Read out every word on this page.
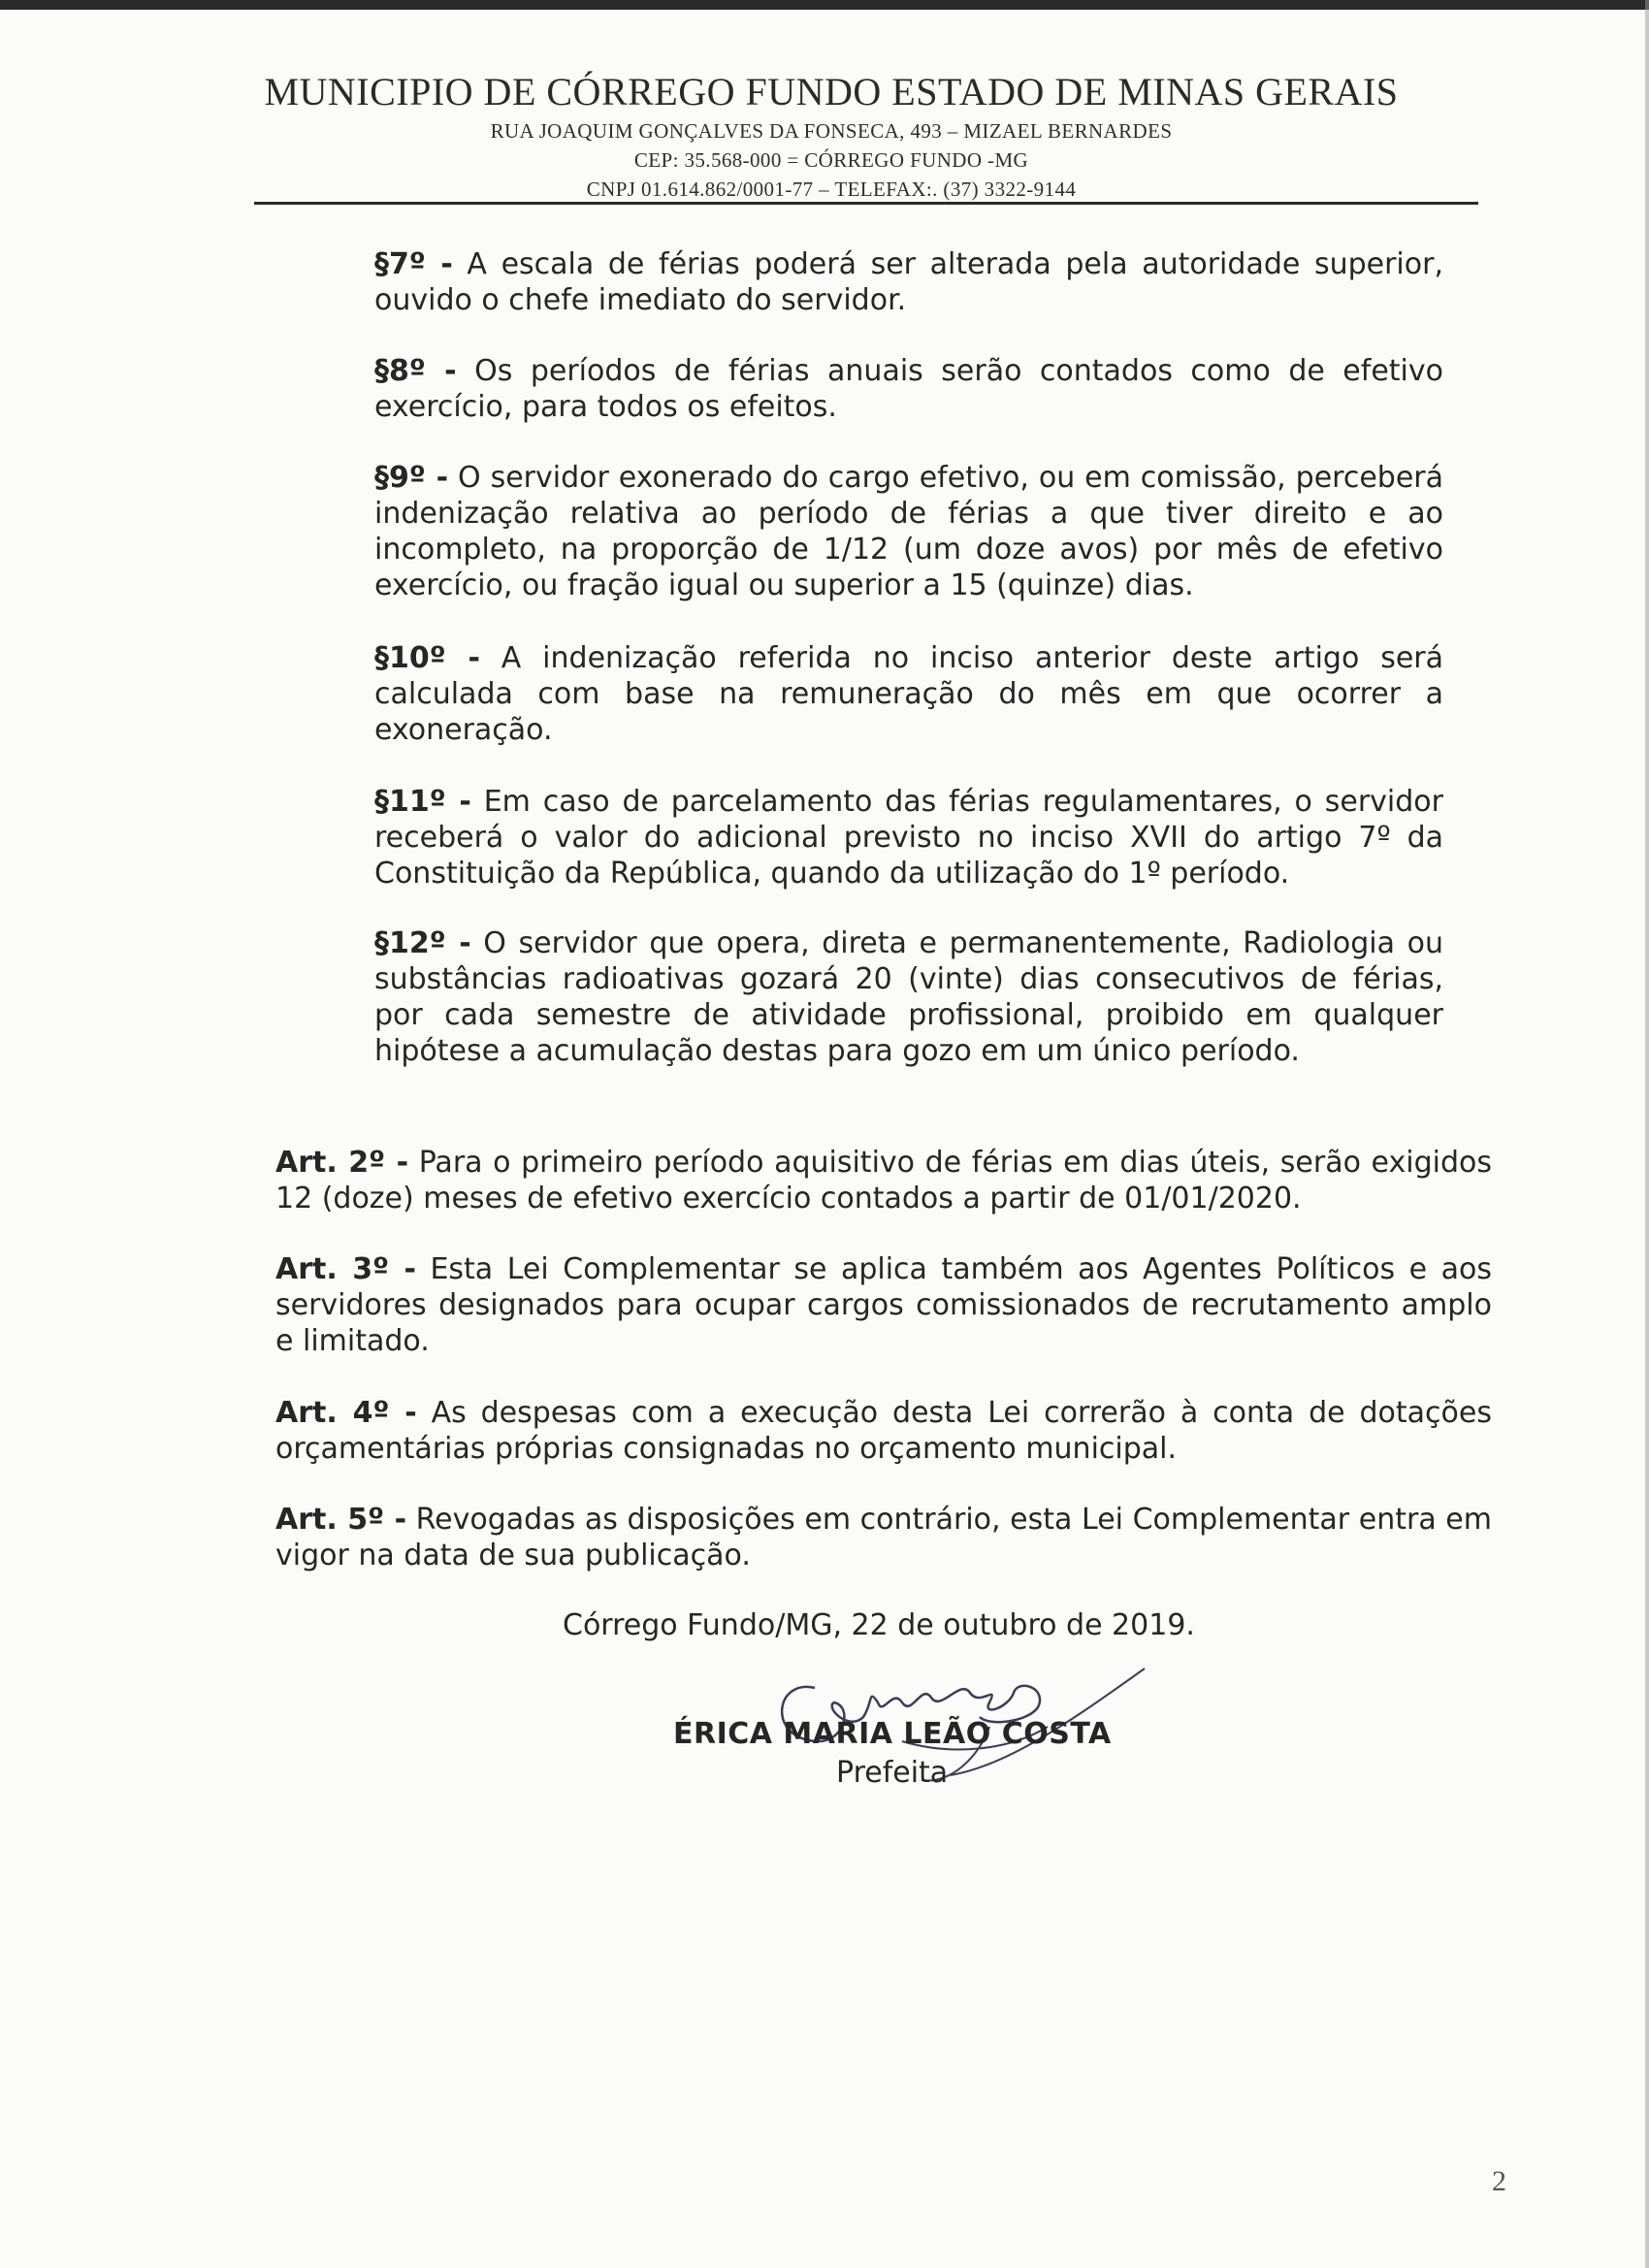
MUNICIPIO DE CÓRREGO FUNDO ESTADO DE MINAS GERAIS
RUA JOAQUIM GONÇALVES DA FONSECA, 493 – MIZAEL BERNARDES
CEP: 35.568-000 = CÓRREGO FUNDO -MG
CNPJ 01.614.862/0001-77 – TELEFAX:. (37) 3322-9144

§7º - A escala de férias poderá ser alterada pela autoridade superior, ouvido o chefe imediato do servidor.

§8º - Os períodos de férias anuais serão contados como de efetivo exercício, para todos os efeitos.

§9º - O servidor exonerado do cargo efetivo, ou em comissão, perceberá indenização relativa ao período de férias a que tiver direito e ao incompleto, na proporção de 1/12 (um doze avos) por mês de efetivo exercício, ou fração igual ou superior a 15 (quinze) dias.

§10º - A indenização referida no inciso anterior deste artigo será calculada com base na remuneração do mês em que ocorrer a exoneração.

§11º - Em caso de parcelamento das férias regulamentares, o servidor receberá o valor do adicional previsto no inciso XVII do artigo 7º da Constituição da República, quando da utilização do 1º período.

§12º - O servidor que opera, direta e permanentemente, Radiologia ou substâncias radioativas gozará 20 (vinte) dias consecutivos de férias, por cada semestre de atividade profissional, proibido em qualquer hipótese a acumulação destas para gozo em um único período.

Art. 2º - Para o primeiro período aquisitivo de férias em dias úteis, serão exigidos 12 (doze) meses de efetivo exercício contados a partir de 01/01/2020.

Art. 3º - Esta Lei Complementar se aplica também aos Agentes Políticos e aos servidores designados para ocupar cargos comissionados de recrutamento amplo e limitado.

Art. 4º - As despesas com a execução desta Lei correrão à conta de dotações orçamentárias próprias consignadas no orçamento municipal.

Art. 5º - Revogadas as disposições em contrário, esta Lei Complementar entra em vigor na data de sua publicação.

Córrego Fundo/MG, 22 de outubro de 2019.
ÉRICA MARIA LEÃO COSTA
Prefeita
2
